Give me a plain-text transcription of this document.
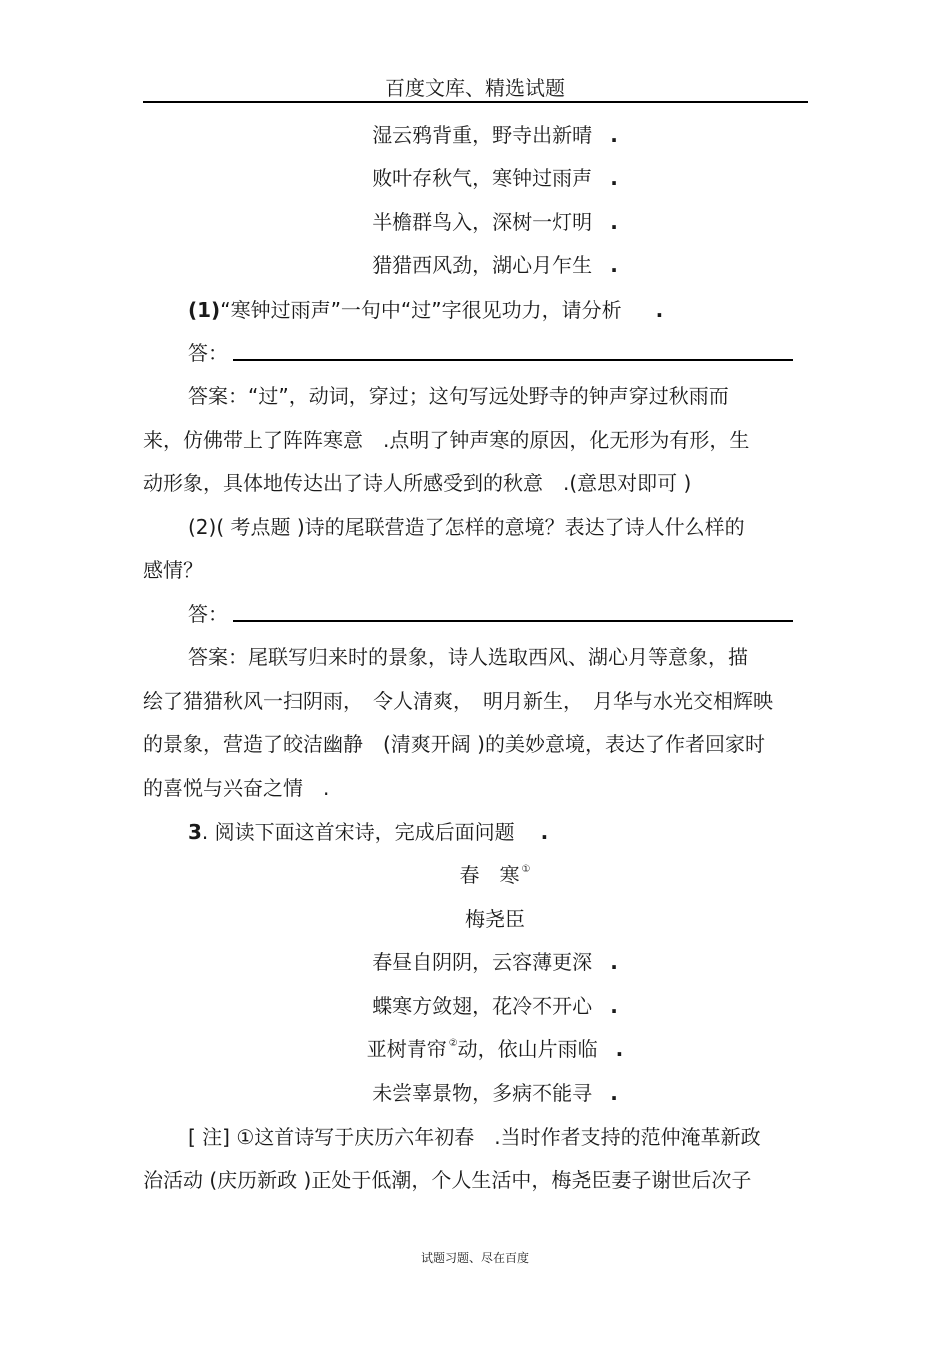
百度文库、精选试题
湿云鸦背重，野寺出新晴 .
败叶存秋气，寒钟过雨声 .
半檐群鸟入，深树一灯明 .
猎猎西风劲，湖心月乍生 .
(1)“寒钟过雨声”一句中“过”字很见功力，请分析 .
答：
答案：“过”，动词，穿过；这句写远处野寺的钟声穿过秋雨而
来，仿佛带上了阵阵寒意　.点明了钟声寒的原因，化无形为有形，生
动形象，具体地传达出了诗人所感受到的秋意　.(意思对即可 )
(2)( 考点题 )诗的尾联营造了怎样的意境？表达了诗人什么样的
感情？
答：
答案：尾联写归来时的景象，诗人选取西风、湖心月等意象，描
绘了猎猎秋风一扫阴雨，　令人清爽，　明月新生，　月华与水光交相辉映
的景象，营造了皎洁幽静　(清爽开阔 )的美妙意境，表达了作者回家时
的喜悦与兴奋之情　.
3. 阅读下面这首宋诗，完成后面问题 .
春　寒 ①
梅尧臣
春昼自阴阴，云容薄更深 .
蝶寒方敛翅，花冷不开心 .
亚树青帘 ②动，依山片雨临 .
未尝辜景物，多病不能寻 .
[ 注] ①这首诗写于庆历六年初春　.当时作者支持的范仲淹革新政
治活动 (庆历新政 )正处于低潮，个人生活中，梅尧臣妻子谢世后次子
试题习题、尽在百度
